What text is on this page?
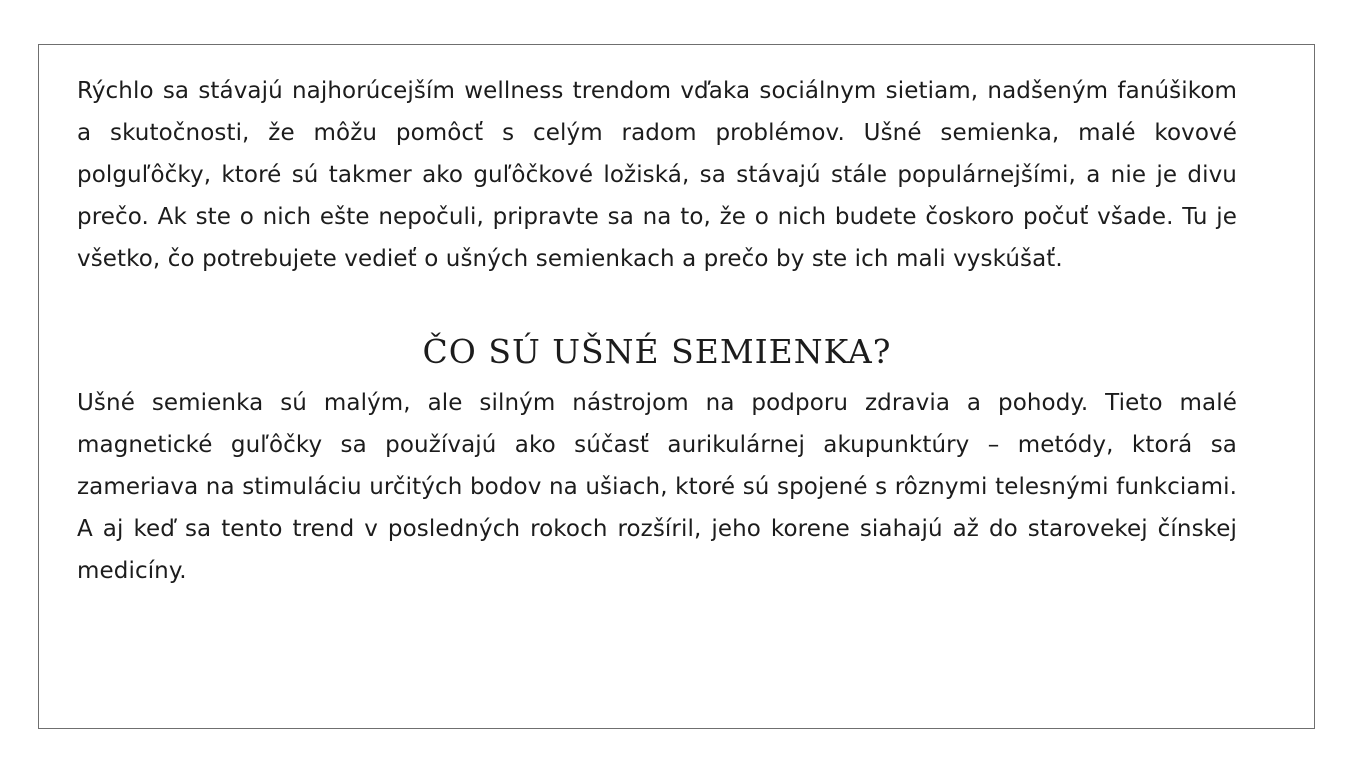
Rýchlo sa stávajú najhorúcejším wellness trendom vďaka sociálnym sietiam, nadšeným fanúšikom a skutočnosti, že môžu pomôcť s celým radom problémov. Ušné semienka, malé kovové polguľôčky, ktoré sú takmer ako guľôčkové ložiská, sa stávajú stále populárnejšími, a nie je divu prečo. Ak ste o nich ešte nepočuli, pripravte sa na to, že o nich budete čoskoro počuť všade. Tu je všetko, čo potrebujete vedieť o ušných semienkach a prečo by ste ich mali vyskúšať.

ČO SÚ UŠNÉ SEMIENKA?

Ušné semienka sú malým, ale silným nástrojom na podporu zdravia a pohody. Tieto malé magnetické guľôčky sa používajú ako súčasť aurikulárnej akupunktúry – metódy, ktorá sa zameriava na stimuláciu určitých bodov na ušiach, ktoré sú spojené s rôznymi telesnými funkciami. A aj keď sa tento trend v posledných rokoch rozšíril, jeho korene siahajú až do starovekej čínskej medicíny.
